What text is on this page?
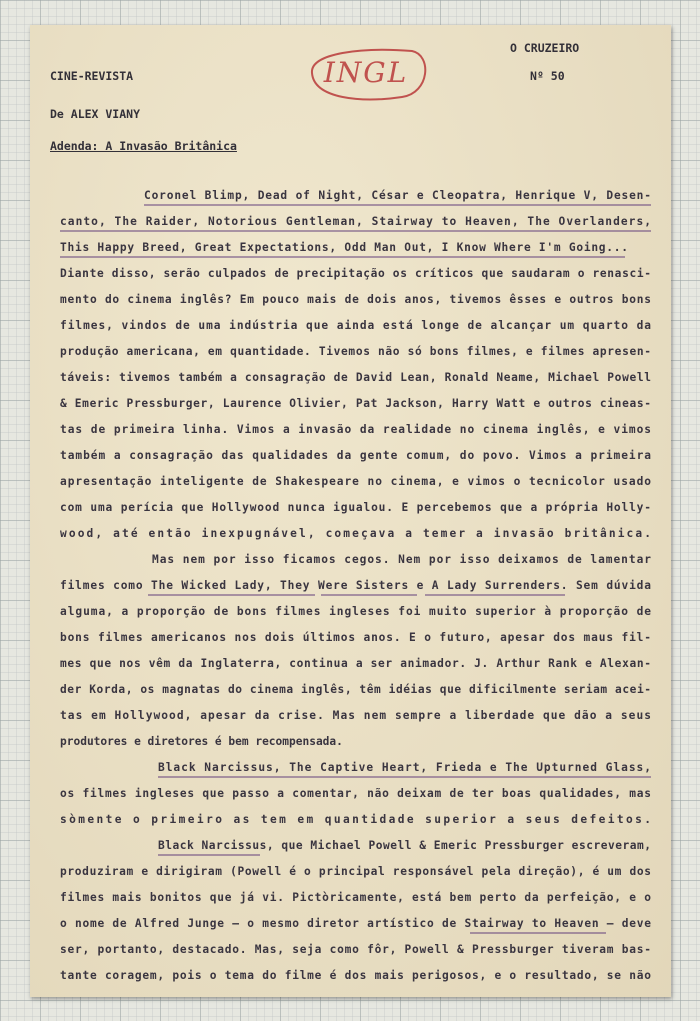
CINE-REVISTA
O CRUZEIRO
Nº 50
INGL
De ALEX VIANY
Adenda: A Invasão Britânica

Coronel Blimp, Dead of Night, César e Cleopatra, Henrique V, Desen-

canto, The Raider, Notorious Gentleman, Stairway to Heaven, The Overlanders,

This Happy Breed, Great Expectations, Odd Man Out, I Know Where I'm Going...

Diante disso, serão culpados de precipitação os críticos que saudaram o renasci-

mento do cinema inglês? Em pouco mais de dois anos, tivemos êsses e outros bons

filmes, vindos de uma indústria que ainda está longe de alcançar um quarto da

produção americana, em quantidade. Tivemos não só bons filmes, e filmes apresen-

táveis: tivemos também a consagração de David Lean, Ronald Neame, Michael Powell

& Emeric Pressburger, Laurence Olivier, Pat Jackson, Harry Watt e outros cineas-

tas de primeira linha. Vimos a invasão da realidade no cinema inglês, e vimos

também a consagração das qualidades da gente comum, do povo. Vimos a primeira

apresentação inteligente de Shakespeare no cinema, e vimos o tecnicolor usado

com uma perícia que Hollywood nunca igualou. E percebemos que a própria Holly-

wood, até então inexpugnável, começava a temer a invasão britânica.

Mas nem por isso ficamos cegos. Nem por isso deixamos de lamentar

filmes como The Wicked Lady, They Were Sisters e A Lady Surrenders. Sem dúvida

alguma, a proporção de bons filmes ingleses foi muito superior à proporção de

bons filmes americanos nos dois últimos anos. E o futuro, apesar dos maus fil-

mes que nos vêm da Inglaterra, continua a ser animador. J. Arthur Rank e Alexan-

der Korda, os magnatas do cinema inglês, têm idéias que dificilmente seriam acei-

tas em Hollywood, apesar da crise. Mas nem sempre a liberdade que dão a seus

produtores e diretores é bem recompensada.

Black Narcissus, The Captive Heart, Frieda e The Upturned Glass,

os filmes ingleses que passo a comentar, não deixam de ter boas qualidades, mas

sòmente o primeiro as tem em quantidade superior a seus defeitos.

Black Narcissus, que Michael Powell & Emeric Pressburger escreveram,

produziram e dirigiram (Powell é o principal responsável pela direção), é um dos

filmes mais bonitos que já vi. Pictòricamente, está bem perto da perfeição, e o

o nome de Alfred Junge — o mesmo diretor artístico de Stairway to Heaven — deve

ser, portanto, destacado. Mas, seja como fôr, Powell & Pressburger tiveram bas-

tante coragem, pois o tema do filme é dos mais perigosos, e o resultado, se não
